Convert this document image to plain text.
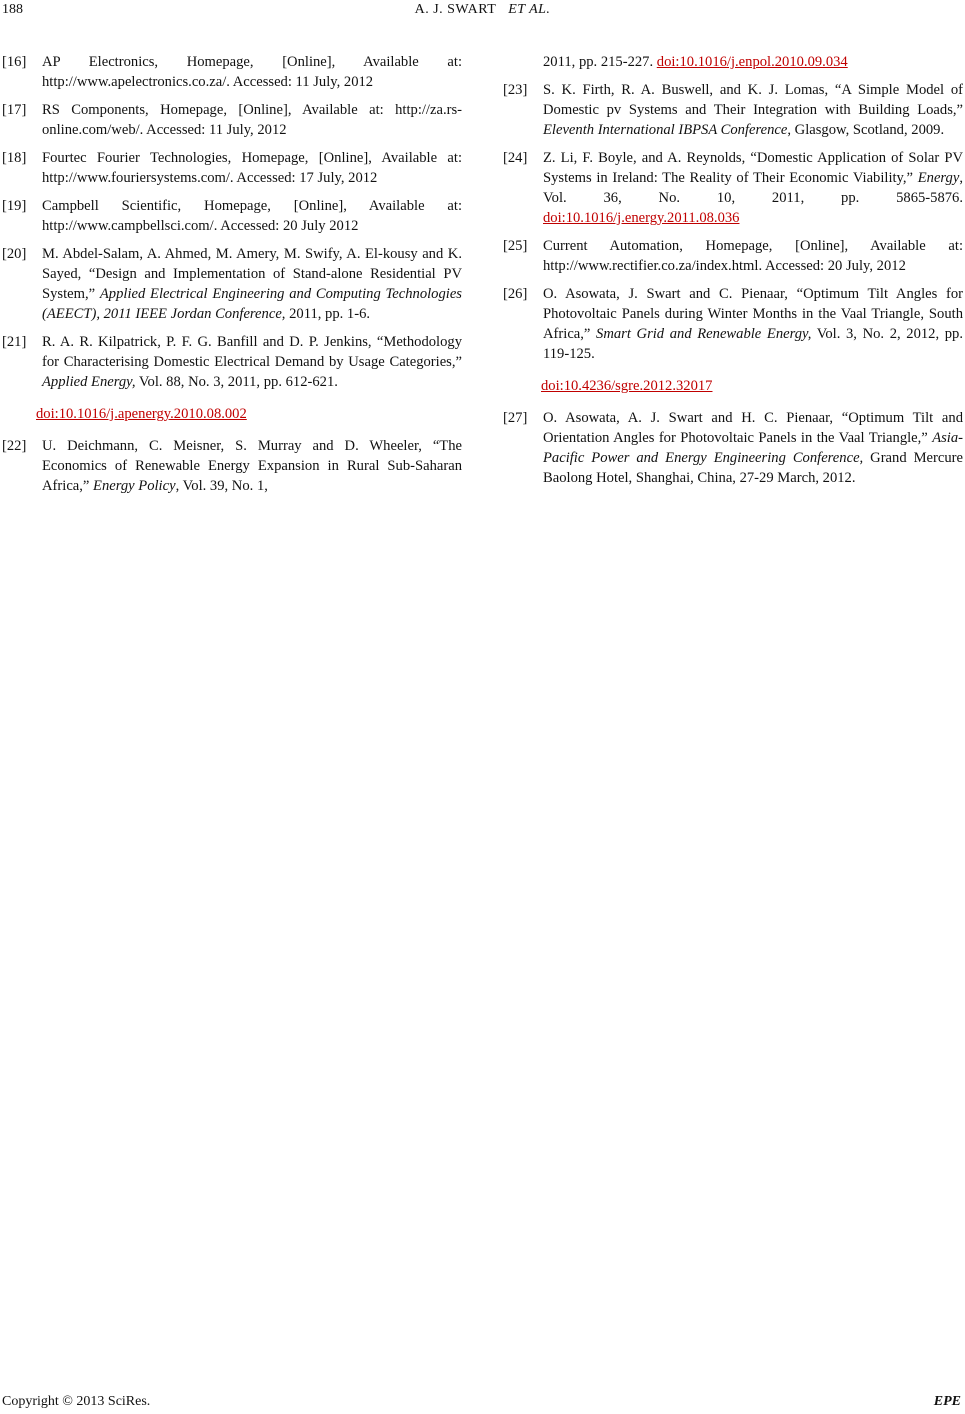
188	A. J. SWART ET AL.
[16] AP Electronics, Homepage, [Online], Available at: http://www.apelectronics.co.za/. Accessed: 11 July, 2012
[17] RS Components, Homepage, [Online], Available at: http://za.rs-online.com/web/. Accessed: 11 July, 2012
[18] Fourtec Fourier Technologies, Homepage, [Online], Available at: http://www.fouriersystems.com/. Accessed: 17 July, 2012
[19] Campbell Scientific, Homepage, [Online], Available at: http://www.campbellsci.com/. Accessed: 20 July 2012
[20] M. Abdel-Salam, A. Ahmed, M. Amery, M. Swify, A. El-kousy and K. Sayed, “Design and Implementation of Stand-alone Residential PV System,” Applied Electrical Engineering and Computing Technologies (AEECT), 2011 IEEE Jordan Conference, 2011, pp. 1-6.
[21] R. A. R. Kilpatrick, P. F. G. Banfill and D. P. Jenkins, “Methodology for Characterising Domestic Electrical Demand by Usage Categories,” Applied Energy, Vol. 88, No. 3, 2011, pp. 612-621.
doi:10.1016/j.apenergy.2010.08.002
[22] U. Deichmann, C. Meisner, S. Murray and D. Wheeler, “The Economics of Renewable Energy Expansion in Rural Sub-Saharan Africa,” Energy Policy, Vol. 39, No. 1,
2011, pp. 215-227. doi:10.1016/j.enpol.2010.09.034
[23] S. K. Firth, R. A. Buswell, and K. J. Lomas, “A Simple Model of Domestic pv Systems and Their Integration with Building Loads,” Eleventh International IBPSA Conference, Glasgow, Scotland, 2009.
[24] Z. Li, F. Boyle, and A. Reynolds, “Domestic Application of Solar PV Systems in Ireland: The Reality of Their Economic Viability,” Energy, Vol. 36, No. 10, 2011, pp. 5865-5876. doi:10.1016/j.energy.2011.08.036
[25] Current Automation, Homepage, [Online], Available at: http://www.rectifier.co.za/index.html. Accessed: 20 July, 2012
[26] O. Asowata, J. Swart and C. Pienaar, “Optimum Tilt Angles for Photovoltaic Panels during Winter Months in the Vaal Triangle, South Africa,” Smart Grid and Renewable Energy, Vol. 3, No. 2, 2012, pp. 119-125.
doi:10.4236/sgre.2012.32017
[27] O. Asowata, A. J. Swart and H. C. Pienaar, “Optimum Tilt and Orientation Angles for Photovoltaic Panels in the Vaal Triangle,” Asia-Pacific Power and Energy Engineering Conference, Grand Mercure Baolong Hotel, Shanghai, China, 27-29 March, 2012.
Copyright © 2013 SciRes.	EPE
